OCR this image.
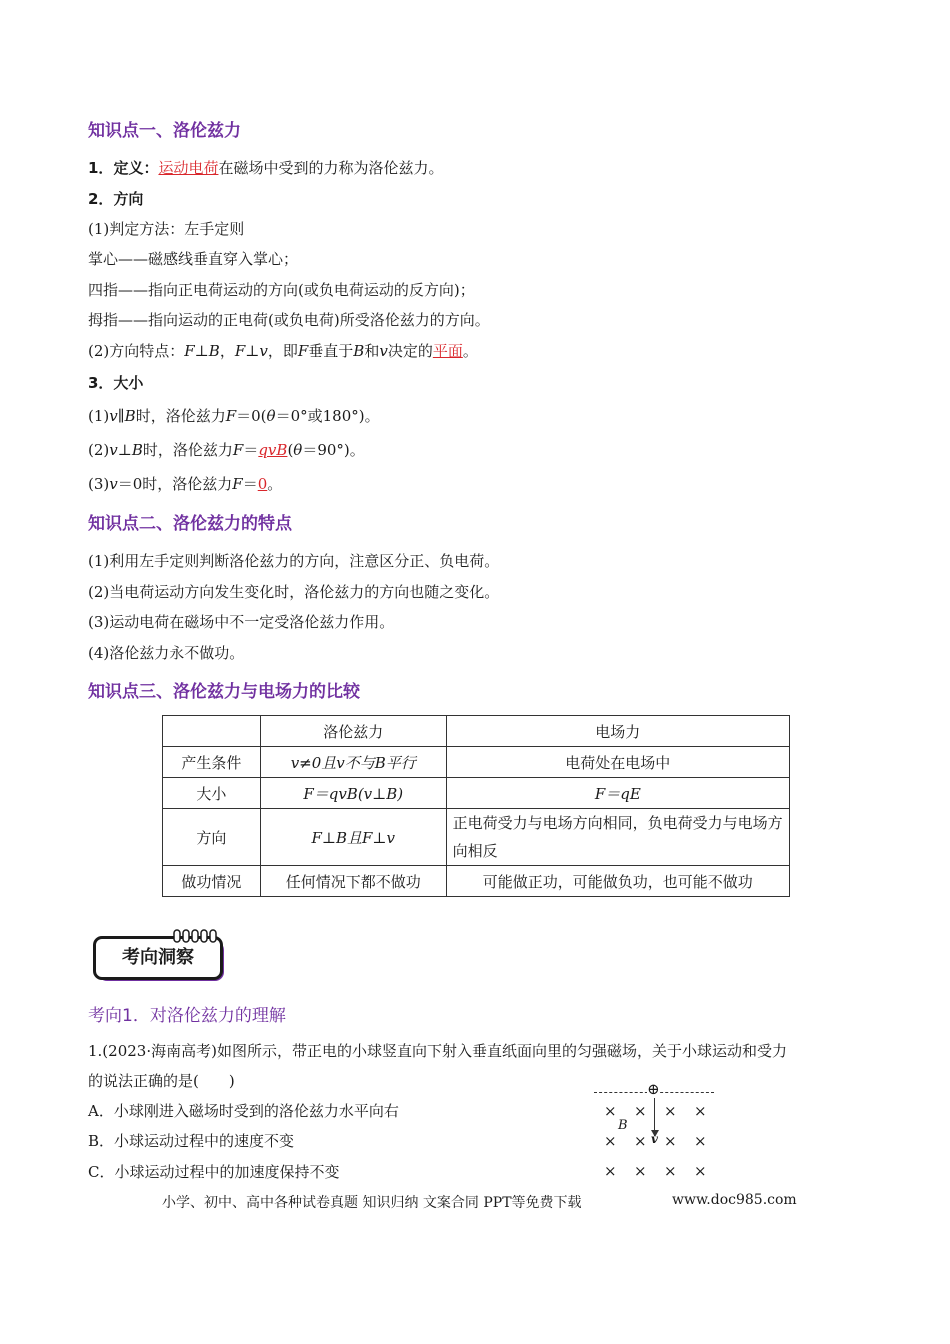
知识点一、洛伦兹力
1．定义：运动电荷在磁场中受到的力称为洛伦兹力。
2．方向
(1)判定方法：左手定则
掌心——磁感线垂直穿入掌心；
四指——指向正电荷运动的方向(或负电荷运动的反方向)；
拇指——指向运动的正电荷(或负电荷)所受洛伦兹力的方向。
(2)方向特点：F⊥B，F⊥v，即F垂直于B和v决定的平面。
3．大小
(1)v∥B时，洛伦兹力F＝0(θ＝0°或180°)。
(2)v⊥B时，洛伦兹力F＝qvB(θ＝90°)。
(3)v＝0时，洛伦兹力F＝0。
知识点二、洛伦兹力的特点
(1)利用左手定则判断洛伦兹力的方向，注意区分正、负电荷。
(2)当电荷运动方向发生变化时，洛伦兹力的方向也随之变化。
(3)运动电荷在磁场中不一定受洛伦兹力作用。
(4)洛伦兹力永不做功。
知识点三、洛伦兹力与电场力的比较
	洛伦兹力	电场力
产生条件	v≠0且v不与B平行	电荷处在电场中
大小	F＝qvB(v⊥B)	F＝qE
方向	F⊥B且F⊥v	正电荷受力与电场方向相同，负电荷受力与电场方向相反
做功情况	任何情况下都不做功	可能做正功，可能做负功，也可能不做功
考向洞察
考向1．对洛伦兹力的理解
1.(2023·海南高考)如图所示，带正电的小球竖直向下射入垂直纸面向里的匀强磁场，关于小球运动和受力
的说法正确的是(　　)
A．小球刚进入磁场时受到的洛伦兹力水平向右
B．小球运动过程中的速度不变
C．小球运动过程中的加速度保持不变
⊕
× × × ×
B
× × v × ×
× × × ×
小学、初中、高中各种试卷真题 知识归纳 文案合同 PPT等免费下载	www.doc985.com
